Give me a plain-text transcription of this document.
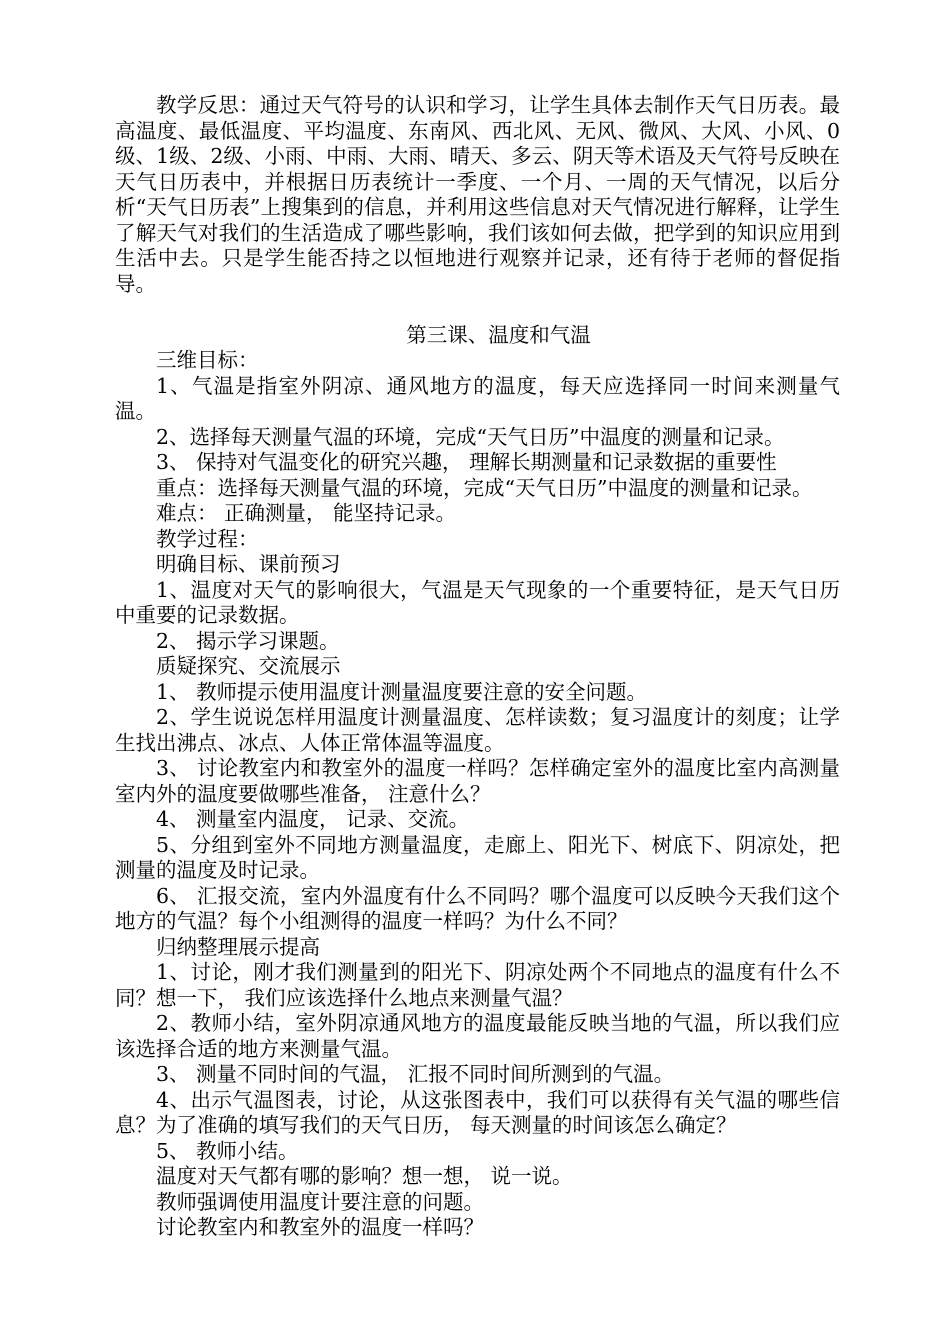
教学反思：通过天气符号的认识和学习，让学生具体去制作天气日历表。最高温度、最低温度、平均温度、东南风、西北风、无风、微风、大风、小风、0级、1级、2级、小雨、中雨、大雨、晴天、多云、阴天等术语及天气符号反映在天气日历表中，并根据日历表统计一季度、一个月、一周的天气情况，以后分析“天气日历表”上搜集到的信息，并利用这些信息对天气情况进行解释，让学生了解天气对我们的生活造成了哪些影响，我们该如何去做，把学到的知识应用到生活中去。只是学生能否持之以恒地进行观察并记录，还有待于老师的督促指导。

第三课、温度和气温

三维目标：

1、气温是指室外阴凉、通风地方的温度，每天应选择同一时间来测量气温。

2、选择每天测量气温的环境，完成“天气日历”中温度的测量和记录。

3、 保持对气温变化的研究兴趣， 理解长期测量和记录数据的重要性

重点：选择每天测量气温的环境，完成“天气日历”中温度的测量和记录。

难点： 正确测量， 能坚持记录。

教学过程：

明确目标、课前预习

1、温度对天气的影响很大，气温是天气现象的一个重要特征，是天气日历中重要的记录数据。

2、 揭示学习课题。

质疑探究、交流展示

1、 教师提示使用温度计测量温度要注意的安全问题。

2、学生说说怎样用温度计测量温度、怎样读数；复习温度计的刻度；让学生找出沸点、冰点、人体正常体温等温度。

3、 讨论教室内和教室外的温度一样吗？怎样确定室外的温度比室内高测量室内外的温度要做哪些准备， 注意什么？

4、 测量室内温度， 记录、交流。

5、分组到室外不同地方测量温度，走廊上、阳光下、树底下、阴凉处，把测量的温度及时记录。

6、 汇报交流，室内外温度有什么不同吗？哪个温度可以反映今天我们这个地方的气温？每个小组测得的温度一样吗？为什么不同？

归纳整理展示提高

1、讨论，刚才我们测量到的阳光下、阴凉处两个不同地点的温度有什么不同？想一下， 我们应该选择什么地点来测量气温？

2、教师小结，室外阴凉通风地方的温度最能反映当地的气温，所以我们应该选择合适的地方来测量气温。

3、 测量不同时间的气温， 汇报不同时间所测到的气温。

4、出示气温图表，讨论，从这张图表中，我们可以获得有关气温的哪些信息？为了准确的填写我们的天气日历， 每天测量的时间该怎么确定？

5、 教师小结。

温度对天气都有哪的影响？想一想， 说一说。

教师强调使用温度计要注意的问题。

讨论教室内和教室外的温度一样吗？
